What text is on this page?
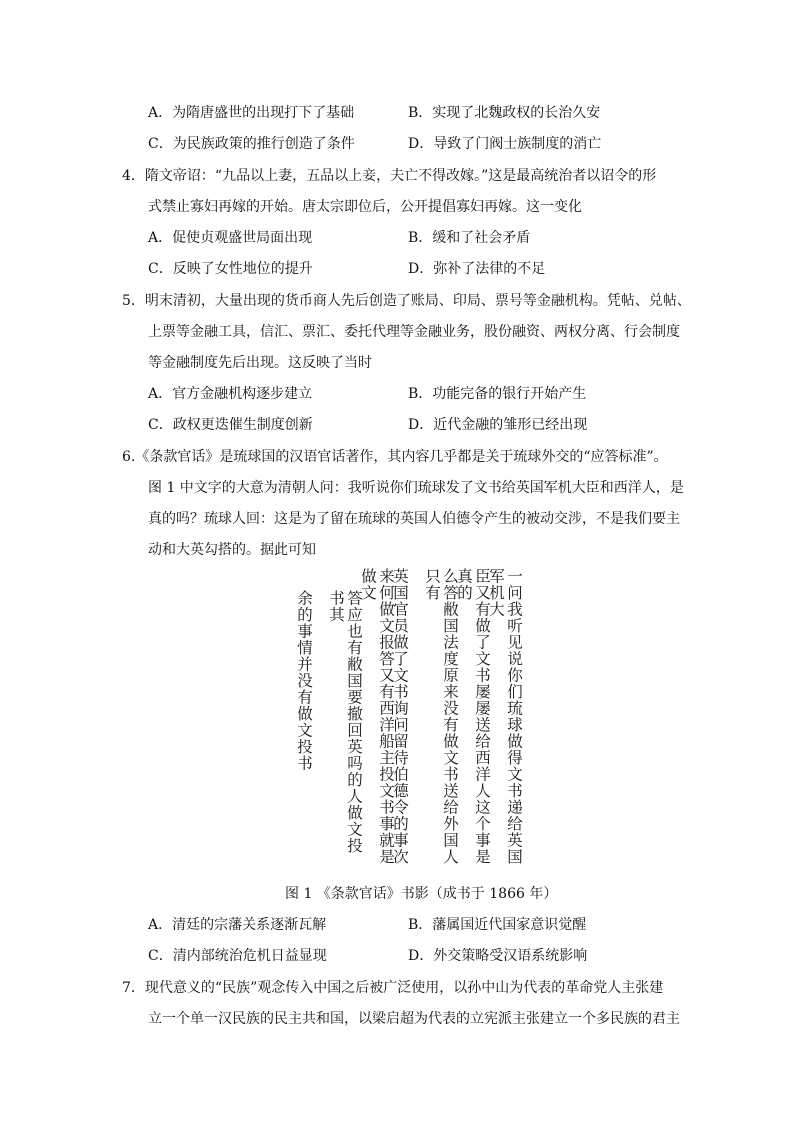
A．为隋唐盛世的出现打下了基础	B．实现了北魏政权的长治久安
C．为民族政策的推行创造了条件	D．导致了门阀士族制度的消亡
4．隋文帝诏：“九品以上妻，五品以上妾，夫亡不得改嫁。”这是最高统治者以诏令的形
式禁止寡妇再嫁的开始。唐太宗即位后，公开提倡寡妇再嫁。这一变化
A．促使贞观盛世局面出现	B．缓和了社会矛盾
C．反映了女性地位的提升	D．弥补了法律的不足
5．明末清初，大量出现的货币商人先后创造了账局、印局、票号等金融机构。凭帖、兑帖、
上票等金融工具，信汇、票汇、委托代理等金融业务，股份融资、两权分离、行会制度
等金融制度先后出现。这反映了当时
A．官方金融机构逐步建立	B．功能完备的银行开始产生
C．政权更迭催生制度创新	D．近代金融的雏形已经出现
6.《条款官话》是琉球国的汉语官话著作，其内容几乎都是关于琉球外交的“应答标准”。
图 1 中文字的大意为清朝人问：我听说你们琉球发了文书给英国军机大臣和西洋人，是
真的吗？琉球人回：这是为了留在琉球的英国人伯德令产生的被动交涉，不是我们要主
动和大英勾搭的。据此可知
一问我听见说你们琉球做得文书递给英国军机大
臣又有做了文书屡屡送给西洋人这个事是真的
么答敝国法度原来没有做文书送给外国人只有
英国官员做了文书询问留待伯德令的事次
来何做文报答又有西洋船主投文书事就是做文
答应也有敝国要撤回英吗的人做文投书其
余的事情并没有做文投书
图 1 《条款官话》书影（成书于 1866 年）
A．清廷的宗藩关系逐渐瓦解	B．藩属国近代国家意识觉醒
C．清内部统治危机日益显现	D．外交策略受汉语系统影响
7．现代意义的“民族”观念传入中国之后被广泛使用，以孙中山为代表的革命党人主张建
立一个单一汉民族的民主共和国，以梁启超为代表的立宪派主张建立一个多民族的君主
